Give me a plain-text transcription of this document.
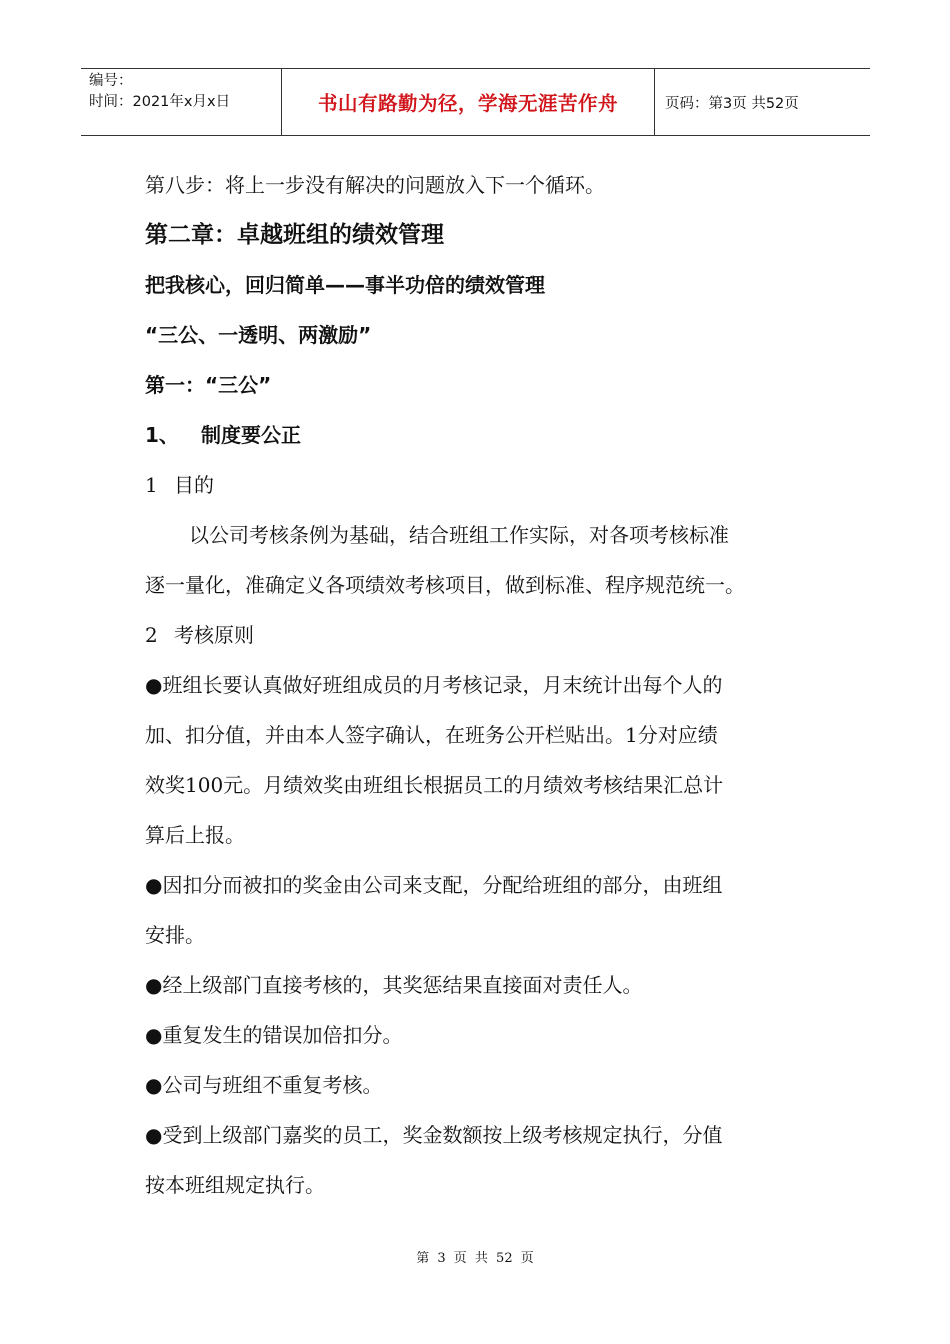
编号：
时间：2021年x月x日	书山有路勤为径，学海无涯苦作舟	页码：第3页 共52页

第八步：将上一步没有解决的问题放入下一个循环。

第二章：卓越班组的绩效管理

把我核心，回归简单——事半功倍的绩效管理

“三公、一透明、两激励”

第一：“三公”

1、 制度要公正

1 目的

以公司考核条例为基础，结合班组工作实际，对各项考核标准

逐一量化，准确定义各项绩效考核项目，做到标准、程序规范统一。

2 考核原则

●班组长要认真做好班组成员的月考核记录，月末统计出每个人的

加、扣分值，并由本人签字确认，在班务公开栏贴出。1分对应绩

效奖100元。月绩效奖由班组长根据员工的月绩效考核结果汇总计

算后上报。

●因扣分而被扣的奖金由公司来支配，分配给班组的部分，由班组

安排。

●经上级部门直接考核的，其奖惩结果直接面对责任人。

●重复发生的错误加倍扣分。

●公司与班组不重复考核。

●受到上级部门嘉奖的员工，奖金数额按上级考核规定执行，分值

按本班组规定执行。

第 3 页 共 52 页
